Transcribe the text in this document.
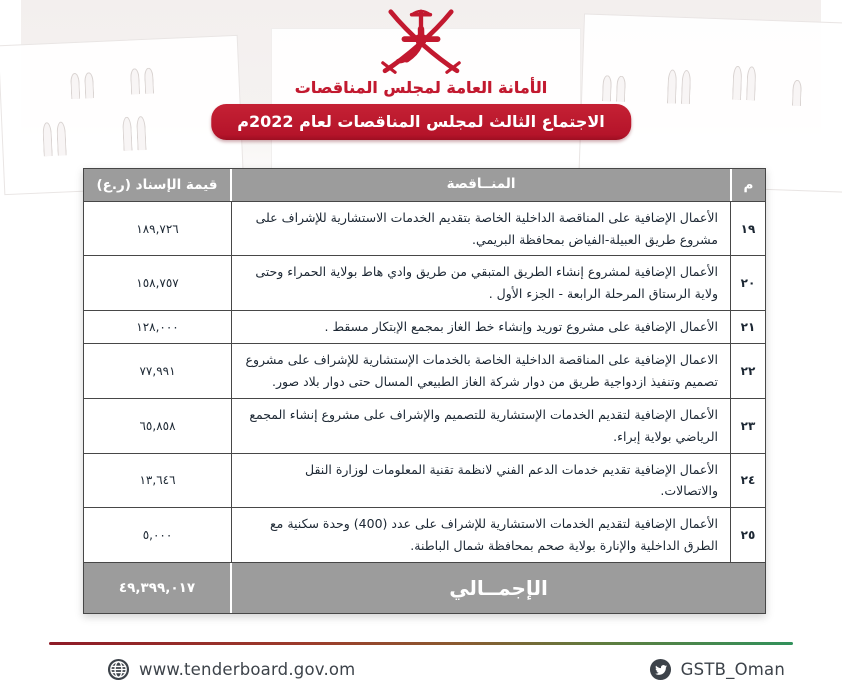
الأمانة العامة لمجلس المناقصات
الاجتماع الثالث لمجلس المناقصات لعام 2022م
م
المنــاقصة
قيمة الإسناد (ر.ع)
١٩
الأعمال الإضافية على المناقصة الداخلية الخاصة بتقديم الخدمات الاستشارية للإشراف على مشروع طريق العبيلة-الفياض بمحافظة البريمي.
١٨٩,٧٢٦
٢٠
الأعمال الإضافية لمشروع إنشاء الطريق المتبقي من طريق وادي هاط بولاية الحمراء وحتى ولاية الرستاق المرحلة الرابعة - الجزء الأول .
١٥٨,٧٥٧
٢١
الأعمال الإضافية على مشروع توريد وإنشاء خط الغاز بمجمع الإبتكار مسقط .
١٢٨,٠٠٠
٢٢
الاعمال الإضافية على المناقصة الداخلية الخاصة بالخدمات الإستشارية للإشراف على مشروع تصميم وتنفيذ ازدواجية طريق من دوار شركة الغاز الطبيعي المسال حتى دوار بلاد صور.
٧٧,٩٩١
٢٣
الأعمال الإضافية لتقديم الخدمات الإستشارية للتصميم والإشراف على مشروع إنشاء المجمع الرياضي بولاية إبراء.
٦٥,٨٥٨
٢٤
الأعمال الإضافية تقديم خدمات الدعم الفني لانظمة تقنية المعلومات لوزارة النقل والاتصالات.
١٣,٦٤٦
٢٥
الأعمال الإضافية لتقديم الخدمات الاستشارية للإشراف على عدد (400) وحدة سكنية مع الطرق الداخلية والإنارة بولاية صحم بمحافظة شمال الباطنة.
٥,٠٠٠
الإجمــالي
٤٩,٣٩٩,٠١٧
www.tenderboard.gov.om	GSTB_Oman
